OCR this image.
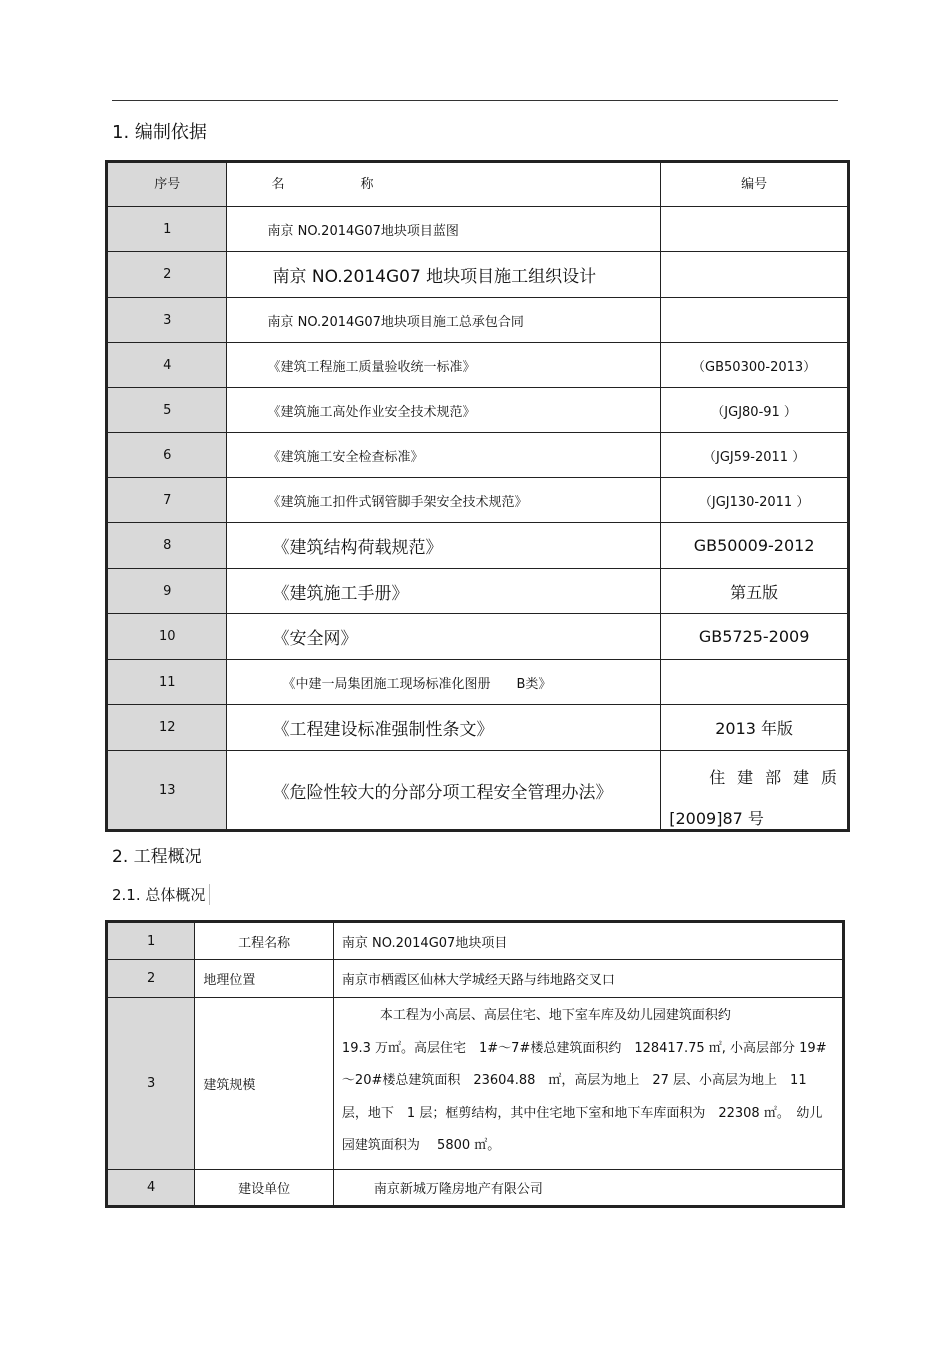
1. 编制依据
序号	名 称	编号
1	南京 NO.2014G07地块项目蓝图	
2	南京 NO.2014G07 地块项目施工组织设计	
3	南京 NO.2014G07地块项目施工总承包合同	
4	《建筑工程施工质量验收统一标准》	（GB50300-2013）
5	《建筑施工高处作业安全技术规范》	（JGJ80-91 ）
6	《建筑施工安全检查标准》	（JGJ59-2011 ）
7	《建筑施工扣件式钢管脚手架安全技术规范》	（JGJ130-2011 ）
8	《建筑结构荷载规范》	GB50009-2012
9	《建筑施工手册》	第五版
10	《安全网》	GB5725-2009
11	《中建一局集团施工现场标准化图册　　B类》	
12	《工程建设标准强制性条文》	2013 年版
13	《危险性较大的分部分项工程安全管理办法》	住建部建质
[2009]87 号
2. 工程概况
2.1. 总体概况
1	工程名称	南京 NO.2014G07地块项目
2	地理位置	南京市栖霞区仙林大学城经天路与纬地路交叉口
3	建筑规模	本工程为小高层、高层住宅、地下室车库及幼儿园建筑面积约
19.3 万㎡。高层住宅　1#～7#楼总建筑面积约　128417.75 ㎡, 小高层部分 19#～20#楼总建筑面积　23604.88　㎡，高层为地上　27 层、小高层为地上　11 层，地下　1 层；框剪结构，其中住宅地下室和地下车库面积为　22308 ㎡。　幼儿园建筑面积为　 5800 ㎡。
4	建设单位	南京新城万隆房地产有限公司
